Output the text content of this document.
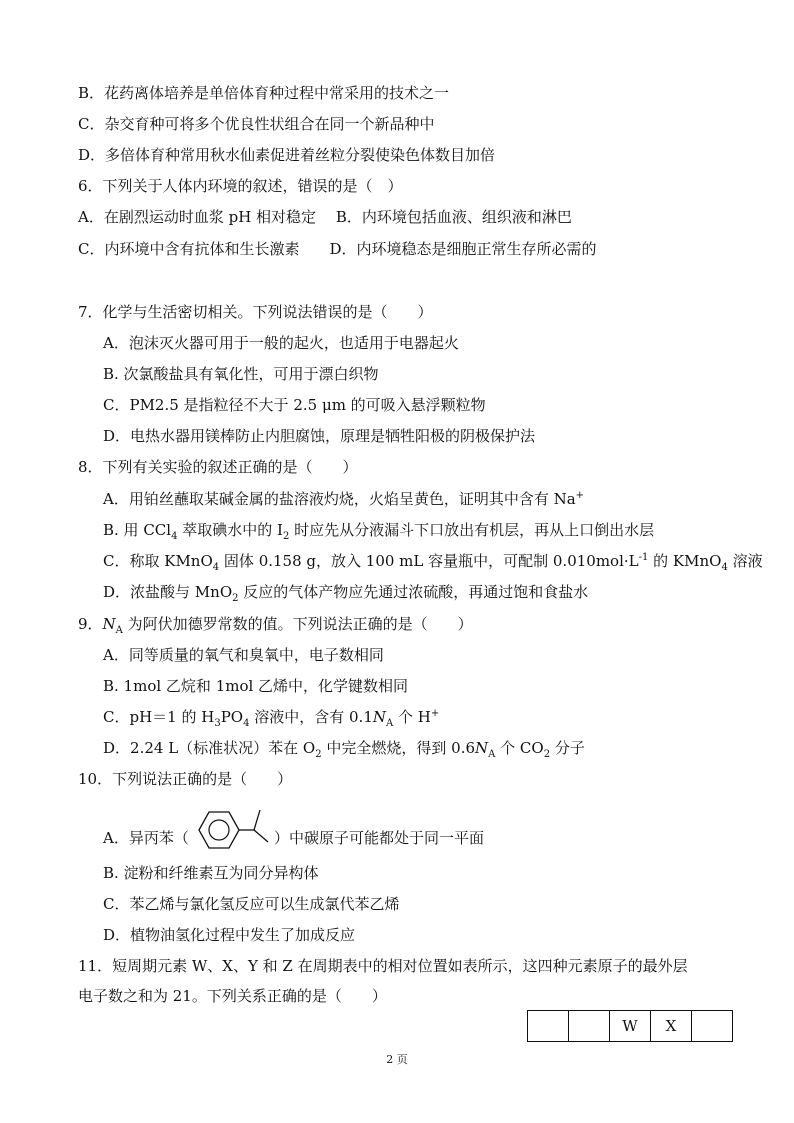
B．花药离体培养是单倍体育种过程中常采用的技术之一
C．杂交育种可将多个优良性状组合在同一个新品种中
D．多倍体育种常用秋水仙素促进着丝粒分裂使染色体数目加倍
6．下列关于人体内环境的叙述，错误的是（　）
A．在剧烈运动时血浆 pH 相对稳定　 B．内环境包括血液、组织液和淋巴
C．内环境中含有抗体和生长激素　　D．内环境稳态是细胞正常生存所必需的
7．化学与生活密切相关。下列说法错误的是（　　）
A．泡沫灭火器可用于一般的起火，也适用于电器起火
B. 次氯酸盐具有氧化性，可用于漂白织物
C．PM2.5 是指粒径不大于 2.5 μm 的可吸入悬浮颗粒物
D．电热水器用镁棒防止内胆腐蚀，原理是牺牲阳极的阴极保护法
8．下列有关实验的叙述正确的是（　　）
A．用铂丝蘸取某碱金属的盐溶液灼烧，火焰呈黄色，证明其中含有 Na+
B. 用 CCl$_4$ 萃取碘水中的 $I_2$ 时应先从分液漏斗下口放出有机层，再从上口倒出水层
C．称取 KMnO$_4$ 固体 0.158 g，放入 100 mL 容量瓶中，可配制 $0.010mol\cdot L^{-1}$ 的 KMnO$_4$ 溶液
D．浓盐酸与 MnO$_2$ 反应的气体产物应先通过浓硫酸，再通过饱和食盐水
9．$N_A$ 为阿伏加德罗常数的值。下列说法正确的是（　　）
A．同等质量的氧气和臭氧中，电子数相同
B. 1mol 乙烷和 1mol 乙烯中，化学键数相同
C．pH＝1 的 $H_3PO_4$ 溶液中，含有 $0.1N_A$ 个 H+
D．2.24 L（标准状况）苯在 $O_2$ 中完全燃烧，得到 $0.6N_A$ 个 $CO_2$ 分子
10．下列说法正确的是（　　）
A．异丙苯（	）中碳原子可能都处于同一平面
B. 淀粉和纤维素互为同分异构体
C．苯乙烯与氯化氢反应可以生成氯代苯乙烯
D．植物油氢化过程中发生了加成反应
11．短周期元素 W、X、Y 和 Z 在周期表中的相对位置如表所示，这四种元素原子的最外层
电子数之和为 21。下列关系正确的是（　　）
		W	X	
2 页
